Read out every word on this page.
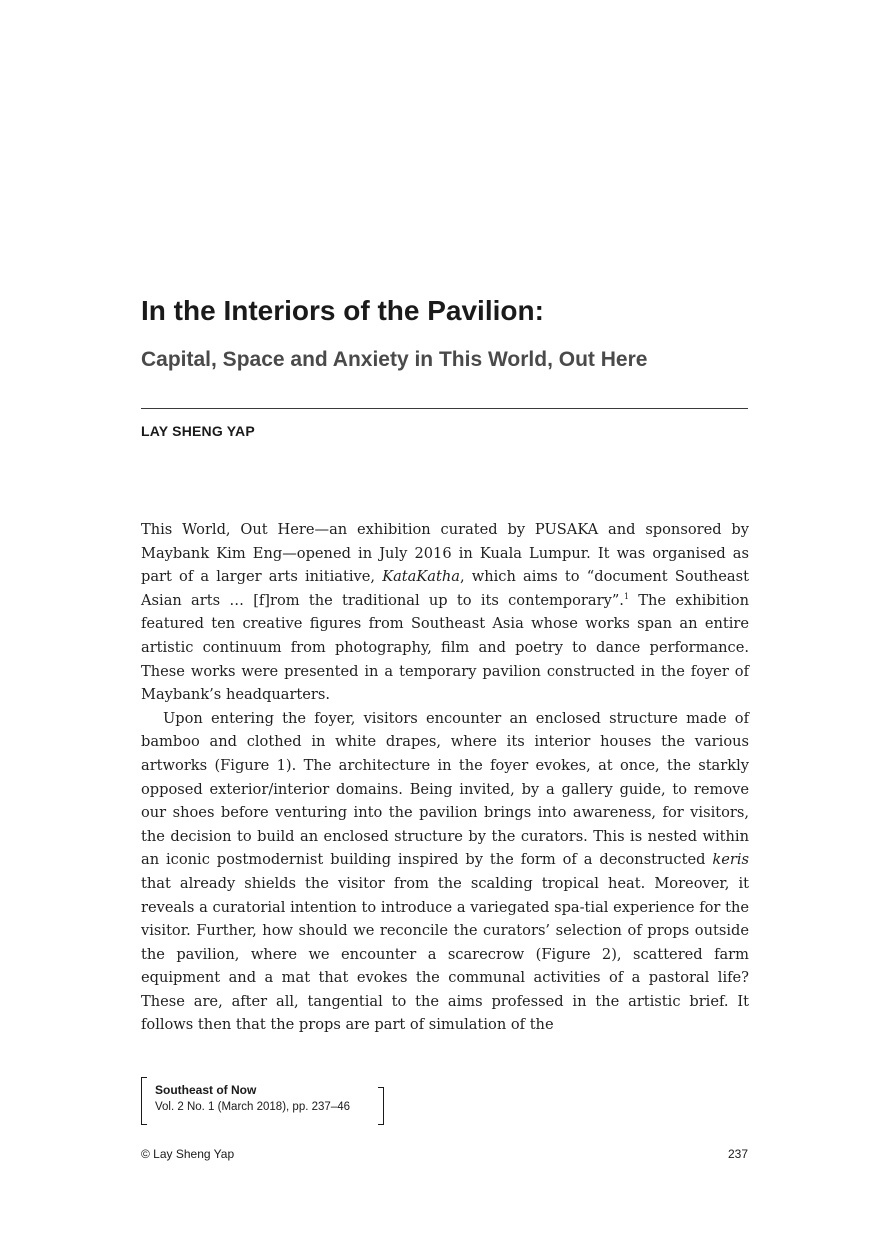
In the Interiors of the Pavilion:
Capital, Space and Anxiety in This World, Out Here

LAY SHENG YAP

This World, Out Here—an exhibition curated by PUSAKA and sponsored by Maybank Kim Eng—opened in July 2016 in Kuala Lumpur. It was organised as part of a larger arts initiative, KataKatha, which aims to “document Southeast Asian arts … [f]rom the traditional up to its contemporary”.$^1$ The exhibition featured ten creative figures from Southeast Asia whose works span an entire artistic continuum from photography, film and poetry to dance performance. These works were presented in a temporary pavilion constructed in the foyer of Maybank’s headquarters.

Upon entering the foyer, visitors encounter an enclosed structure made of bamboo and clothed in white drapes, where its interior houses the various artworks (Figure 1). The architecture in the foyer evokes, at once, the starkly opposed exterior/interior domains. Being invited, by a gallery guide, to remove our shoes before venturing into the pavilion brings into awareness, for visitors, the decision to build an enclosed structure by the curators. This is nested within an iconic postmodernist building inspired by the form of a deconstructed keris that already shields the visitor from the scalding tropical heat. Moreover, it reveals a curatorial intention to introduce a variegated spa-tial experience for the visitor. Further, how should we reconcile the curators’ selection of props outside the pavilion, where we encounter a scarecrow (Figure 2), scattered farm equipment and a mat that evokes the communal activities of a pastoral life? These are, after all, tangential to the aims professed in the artistic brief. It follows then that the props are part of simulation of the

Southeast of Now

Vol. 2 No. 1 (March 2018), pp. 237–46

© Lay Sheng Yap	237
